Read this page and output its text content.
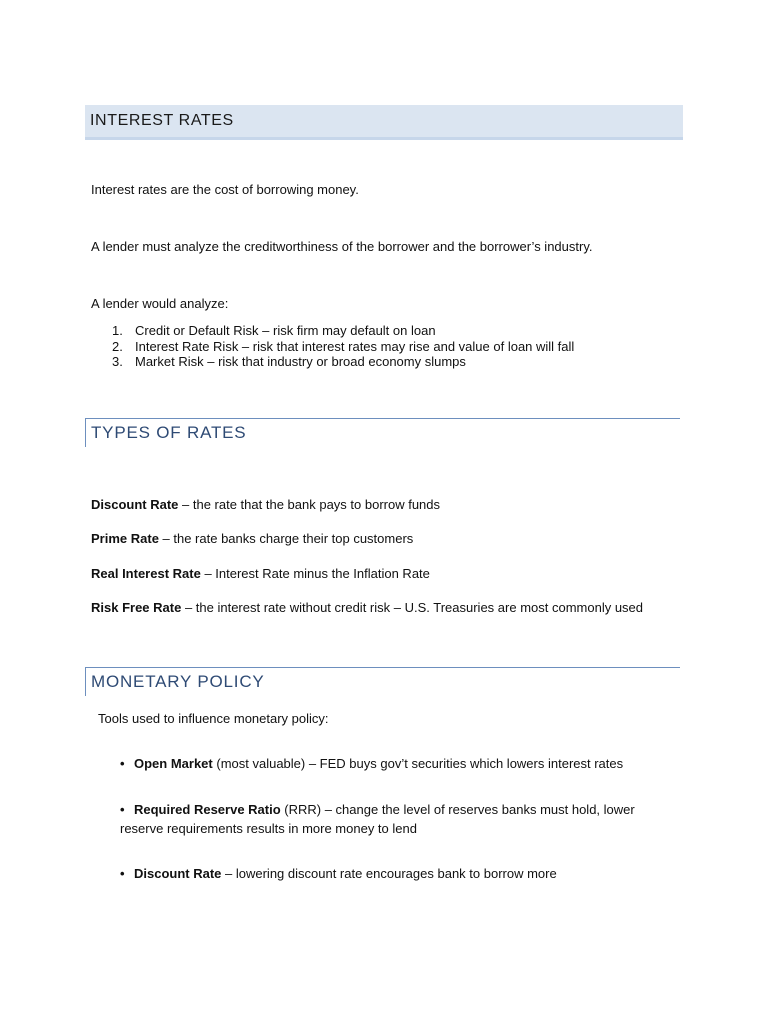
INTEREST RATES
Interest rates are the cost of borrowing money.
A lender must analyze the creditworthiness of the borrower and the borrower’s industry.
A lender would analyze:
1. Credit or Default Risk – risk firm may default on loan
2. Interest Rate Risk – risk that interest rates may rise and value of loan will fall
3. Market Risk – risk that industry or broad economy slumps
TYPES OF RATES
Discount Rate – the rate that the bank pays to borrow funds
Prime Rate – the rate banks charge their top customers
Real Interest Rate – Interest Rate minus the Inflation Rate
Risk Free Rate – the interest rate without credit risk – U.S. Treasuries are most commonly used
MONETARY POLICY
Tools used to influence monetary policy:
• Open Market (most valuable) – FED buys gov’t securities which lowers interest rates
• Required Reserve Ratio (RRR) – change the level of reserves banks must hold, lower
reserve requirements results in more money to lend
• Discount Rate – lowering discount rate encourages bank to borrow more
